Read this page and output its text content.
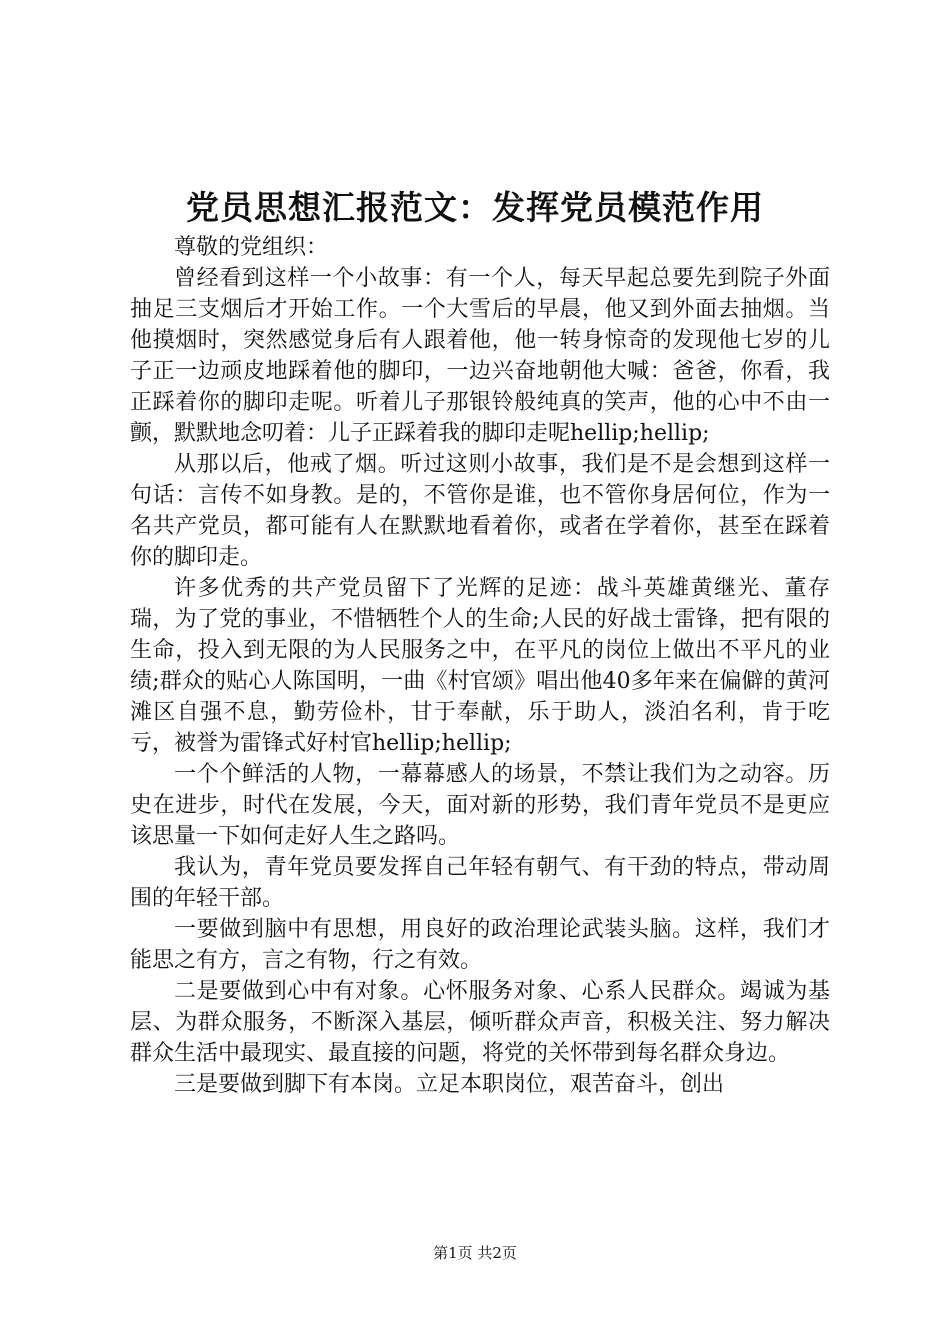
党员思想汇报范文：发挥党员模范作用

尊敬的党组织：

曾经看到这样一个小故事：有一个人，每天早起总要先到院子外面抽足三支烟后才开始工作。一个大雪后的早晨，他又到外面去抽烟。当他摸烟时，突然感觉身后有人跟着他，他一转身惊奇的发现他七岁的儿子正一边顽皮地踩着他的脚印，一边兴奋地朝他大喊：爸爸，你看，我正踩着你的脚印走呢。听着儿子那银铃般纯真的笑声，他的心中不由一颤，默默地念叨着：儿子正踩着我的脚印走呢hellip;hellip;

从那以后，他戒了烟。听过这则小故事，我们是不是会想到这样一句话：言传不如身教。是的，不管你是谁，也不管你身居何位，作为一名共产党员，都可能有人在默默地看着你，或者在学着你，甚至在踩着你的脚印走。

许多优秀的共产党员留下了光辉的足迹：战斗英雄黄继光、董存瑞，为了党的事业，不惜牺牲个人的生命;人民的好战士雷锋，把有限的生命，投入到无限的为人民服务之中，在平凡的岗位上做出不平凡的业绩;群众的贴心人陈国明，一曲《村官颂》唱出他40多年来在偏僻的黄河滩区自强不息，勤劳俭朴，甘于奉献，乐于助人，淡泊名利，肯于吃亏，被誉为雷锋式好村官hellip;hellip;

一个个鲜活的人物，一幕幕感人的场景，不禁让我们为之动容。历史在进步，时代在发展，今天，面对新的形势，我们青年党员不是更应该思量一下如何走好人生之路吗。

我认为，青年党员要发挥自己年轻有朝气、有干劲的特点，带动周围的年轻干部。

一要做到脑中有思想，用良好的政治理论武装头脑。这样，我们才能思之有方，言之有物，行之有效。

二是要做到心中有对象。心怀服务对象、心系人民群众。竭诚为基层、为群众服务，不断深入基层，倾听群众声音，积极关注、努力解决群众生活中最现实、最直接的问题，将党的关怀带到每名群众身边。

三是要做到脚下有本岗。立足本职岗位，艰苦奋斗，创出

第1页 共2页
